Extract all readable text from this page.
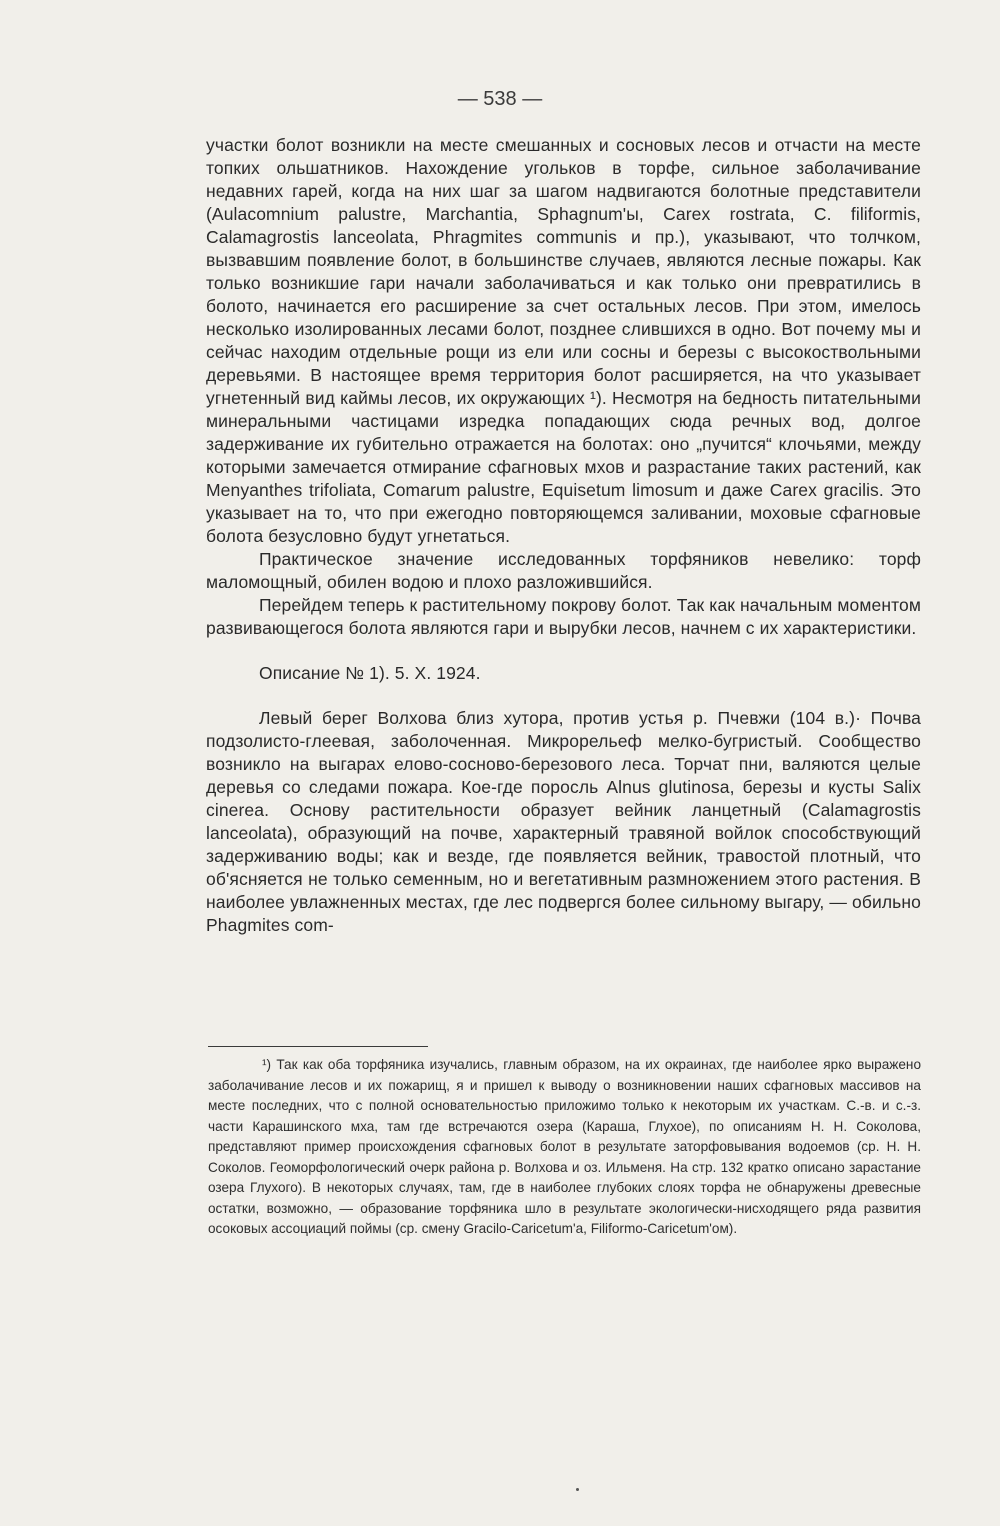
— 538 —

участки болот возникли на месте смешанных и сосновых лесов и отчасти на месте топких ольшатников. Нахождение угольков в торфе, сильное заболачивание недавних гарей, когда на них шаг за шагом надвигаются болотные представители (Aulacomnium palustre, Marchantia, Sphagnum'ы, Carex rostrata, C. filiformis, Calamagrostis lanceolata, Phragmites communis и пр.), указывают, что толчком, вызвавшим появление болот, в большинстве случаев, являются лесные пожары. Как только возникшие гари начали заболачиваться и как только они превратились в болото, начинается его расширение за счет остальных лесов. При этом, имелось несколько изолированных лесами болот, позднее слившихся в одно. Вот почему мы и сейчас находим отдельные рощи из ели или сосны и березы с высокоствольными деревьями. В настоящее время территория болот расширяется, на что указывает угнетенный вид каймы лесов, их окружающих ¹). Несмотря на бедность питательными минеральными частицами изредка попадающих сюда речных вод, долгое задерживание их губительно отражается на болотах: оно „пучится“ клочьями, между которыми замечается отмирание сфагновых мхов и разрастание таких растений, как Menyanthes trifoliata, Comarum palustre, Equisetum limosum и даже Carex gracilis. Это указывает на то, что при ежегодно повторяющемся заливании, моховые сфагновые болота безусловно будут угнетаться.

Практическое значение исследованных торфяников невелико: торф маломощный, обилен водою и плохо разложившийся.

Перейдем теперь к растительному покрову болот. Так как начальным моментом развивающегося болота являются гари и вырубки лесов, начнем с их характеристики.

Описание № 1). 5. X. 1924.

Левый берег Волхова близ хутора, против устья р. Пчевжи (104 в.)· Почва подзолисто-глеевая, заболоченная. Микрорельеф мелко-бугристый. Сообщество возникло на выгарах елово-сосново-березового леса. Торчат пни, валяются целые деревья со следами пожара. Кое-где поросль Alnus glutinosa, березы и кусты Salix cinerea. Основу растительности образует вейник ланцетный (Calamagrostis lanceolata), образующий на почве, характерный травяной войлок способствующий задерживанию воды; как и везде, где появляется вейник, травостой плотный, что об'ясняется не только семенным, но и вегетативным размножением этого растения. В наиболее увлажненных местах, где лес подвергся более сильному выгару, — обильно Phagmites com-

¹) Так как оба торфяника изучались, главным образом, на их окраинах, где наиболее ярко выражено заболачивание лесов и их пожарищ, я и пришел к выводу о возникновении наших сфагновых массивов на месте последних, что с полной основательностью приложимо только к некоторым их участкам. С.-в. и с.-з. части Карашинского мха, там где встречаются озера (Караша, Глухое), по описаниям Н. Н. Соколова, представляют пример происхождения сфагновых болот в результате заторфовывания водоемов (ср. Н. Н. Соколов. Геоморфологический очерк района р. Волхова и оз. Ильменя. На стр. 132 кратко описано зарастание озера Глухого). В некоторых случаях, там, где в наиболее глубоких слоях торфа не обнаружены древесные остатки, возможно, — образование торфяника шло в результате экологически-нисходящего ряда развития осоковых ассоциаций поймы (ср. смену Gracilo-Caricetum'a, Filiformo-Caricetum'ом).
